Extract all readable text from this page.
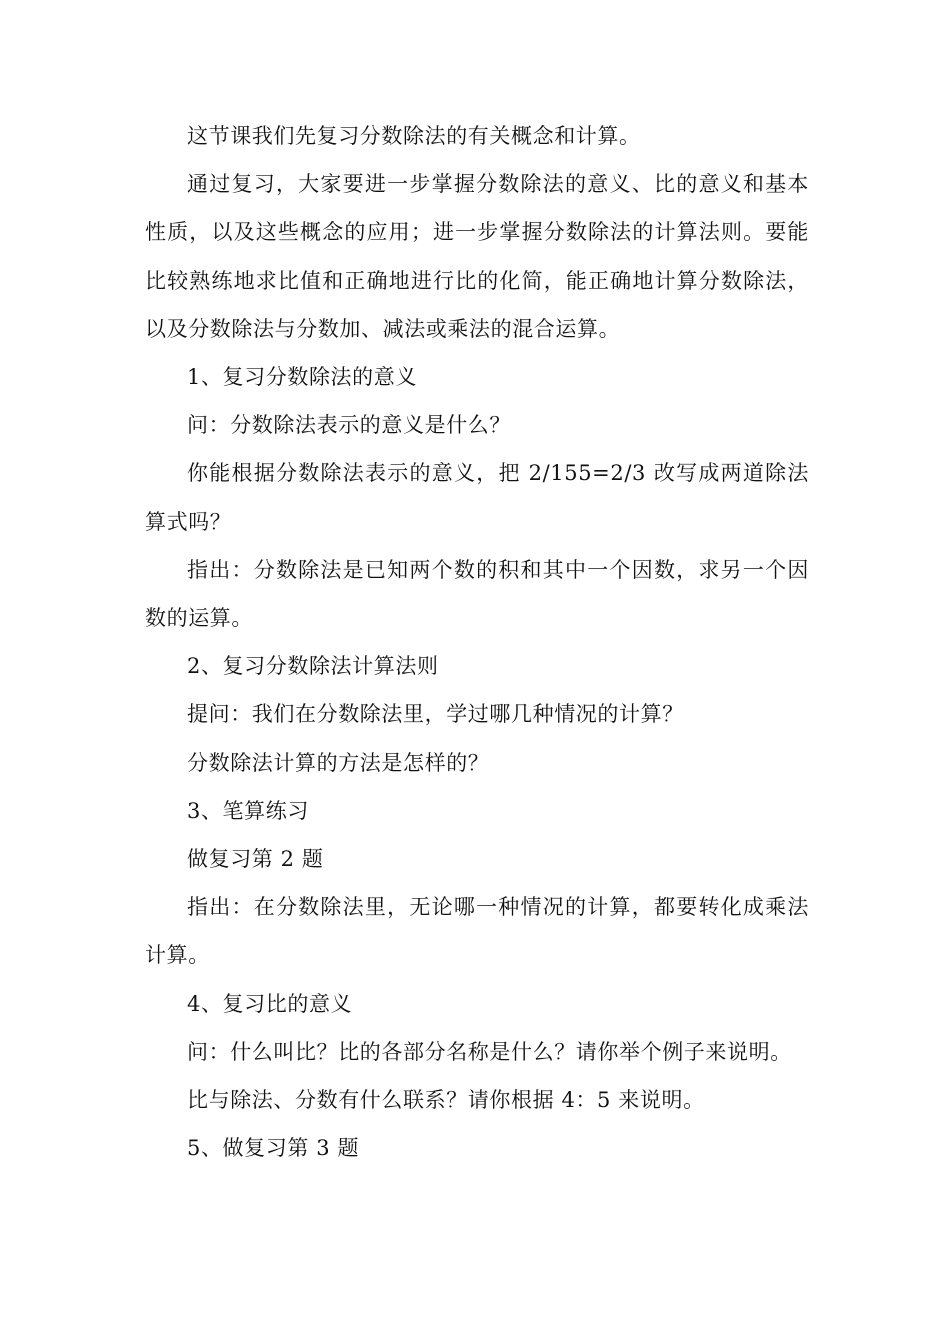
这节课我们先复习分数除法的有关概念和计算。

通过复习，大家要进一步掌握分数除法的意义、比的意义和基本性质，以及这些概念的应用；进一步掌握分数除法的计算法则。要能比较熟练地求比值和正确地进行比的化简，能正确地计算分数除法，以及分数除法与分数加、减法或乘法的混合运算。

1、复习分数除法的意义

问：分数除法表示的意义是什么？

你能根据分数除法表示的意义，把 2/155=2/3 改写成两道除法算式吗？

指出：分数除法是已知两个数的积和其中一个因数，求另一个因数的运算。

2、复习分数除法计算法则

提问：我们在分数除法里，学过哪几种情况的计算？

分数除法计算的方法是怎样的？

3、笔算练习

做复习第 2 题

指出：在分数除法里，无论哪一种情况的计算，都要转化成乘法计算。

4、复习比的意义

问：什么叫比？比的各部分名称是什么？请你举个例子来说明。

比与除法、分数有什么联系？请你根据 4：5 来说明。

5、做复习第 3 题
